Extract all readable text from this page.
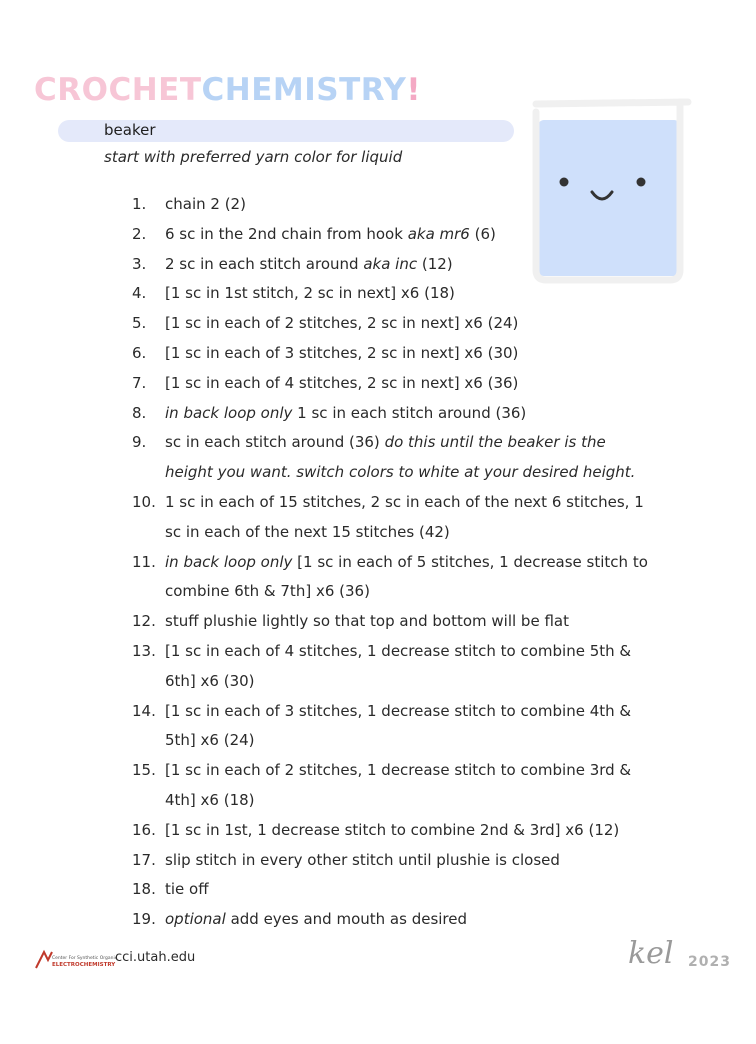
CROCHET CHEMISTRY !
beaker
start with preferred yarn color for liquid
1.	chain 2 (2)
2.	6 sc in the 2nd chain from hook aka mr6 (6)
3.	2 sc in each stitch around aka inc (12)
4.	[1 sc in 1st stitch, 2 sc in next] x6 (18)
5.	[1 sc in each of 2 stitches, 2 sc in next] x6 (24)
6.	[1 sc in each of 3 stitches, 2 sc in next] x6 (30)
7.	[1 sc in each of 4 stitches, 2 sc in next] x6 (36)
8.	in back loop only 1 sc in each stitch around (36)
9.	sc in each stitch around (36) do this until the beaker is the height you want. switch colors to white at your desired height.
10. 1 sc in each of 15 stitches, 2 sc in each of the next 6 stitches, 1 sc in each of the next 15 stitches (42)
11. in back loop only [1 sc in each of 5 stitches, 1 decrease stitch to combine 6th & 7th] x6 (36)
12. stuff plushie lightly so that top and bottom will be flat
13. [1 sc in each of 4 stitches, 1 decrease stitch to combine 5th & 6th] x6 (30)
14. [1 sc in each of 3 stitches, 1 decrease stitch to combine 4th & 5th] x6 (24)
15. [1 sc in each of 2 stitches, 1 decrease stitch to combine 3rd & 4th] x6 (18)
16. [1 sc in 1st, 1 decrease stitch to combine 2nd & 3rd] x6 (12)
17. slip stitch in every other stitch until plushie is closed
18. tie off
19. optional add eyes and mouth as desired
Center For Synthetic Organic
ELECTROCHEMISTRY cci.utah.edu	kel 2023
